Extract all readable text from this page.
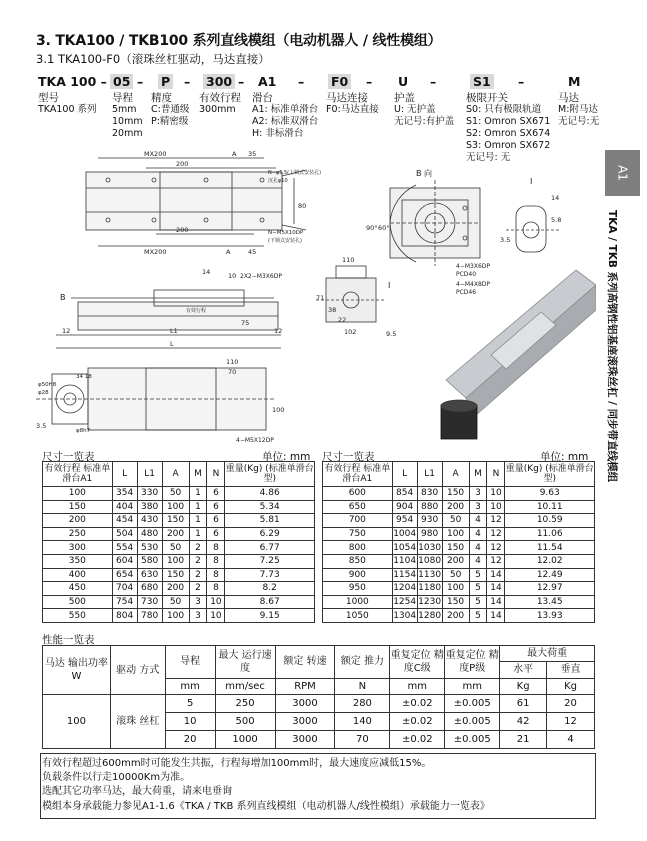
3. TKA100 / TKB100 系列直线模组（电动机器人 / 线性模组）
3.1 TKA100-F0（滚珠丝杠驱动，马达直接）
TKA 100 – 05 – P – 300 – A1 – F0 – U –	S1 –	M
型号
TKA100 系列
导程
5mm
10mm
20mm
精度
C:普通级
P:精密级
有效行程
300mm
滑台
A1: 标准单滑台
A2: 标准双滑台
H: 非标滑台
马达连接
F0:马达直接
护盖
U: 无护盖
无记号:有护盖
极限开关
S0: 只有极限轨道
S1: Omron SX671
S2: Omron SX674
S3: Omron SX672
无记号: 无
马达
M:附马达
无记号:无
MX200	A 35
200
N−φ5.5(上锁式安装孔)
沉孔φ10
80
200	N−M5X10DP
(下锁式安装孔)
MX200	A	45
B 向
90° 60°
4−M3X6DP
PCD40
4−M4X8DP
PCD46
I
3.5
5.8
14
10 2X2−M3X6DP
14
B
有效行程
75
12	12
L1
L
110
71
38
22
102	9.5
I
110
70
100
φ50H8
φ28
34 18
φ8h7
3.5
4−M5X12DP
尺寸一览表	单位: mm 尺寸一览表	单位: mm
有效行程 标准单滑台A1	L	L1	A	M	N	重量(Kg) (标准单滑台型)
100	354	330	50	1	6	4.86
150	404	380	100	1	6	5.34
200	454	430	150	1	6	5.81
250	504	480	200	1	6	6.29
300	554	530	50	2	8	6.77
350	604	580	100	2	8	7.25
400	654	630	150	2	8	7.73
450	704	680	200	2	8	8.2
500	754	730	50	3	10	8.67
550	804	780	100	3	10	9.15
有效行程 标准单滑台A1	L	L1	A	M	N	重量(Kg) (标准单滑台型)
600	854	830	150	3	10	9.63
650	904	880	200	3	10	10.11
700	954	930	50	4	12	10.59
750	1004	980	100	4	12	11.06
800	1054	1030	150	4	12	11.54
850	1104	1080	200	4	12	12.02
900	1154	1130	50	5	14	12.49
950	1204	1180	100	5	14	12.97
1000	1254	1230	150	5	14	13.45
1050	1304	1280	200	5	14	13.93
性能一览表
马达 输出功率
W	驱动 方式	导程	最大 运行速度	额定 转速	额定 推力	重复定位 精度C级	重复定位 精度P级	最大荷重	
								水平	垂直
		mm	mm/sec	RPM	N	mm	mm	Kg	Kg
100	滚珠 丝杠	5	250	3000	280	±0.02	±0.005	61	20
		10	500	3000	140	±0.02	±0.005	42	12
		20	1000	3000	70	±0.02	±0.005	21	4
有效行程超过600mm时可能发生共振，行程每增加100mm时，最大速度应减低15%。
负载条件以行走10000Km为准。
选配其它功率马达，最大荷重，请来电垂询
模组本身承载能力参见A1-1.6《TKA / TKB 系列直线模组（电动机器人/线性模组）承载能力一览表》
A1
TKA / TKB 系列高钢性铝基座滚珠丝杠 / 同步带直线模组
